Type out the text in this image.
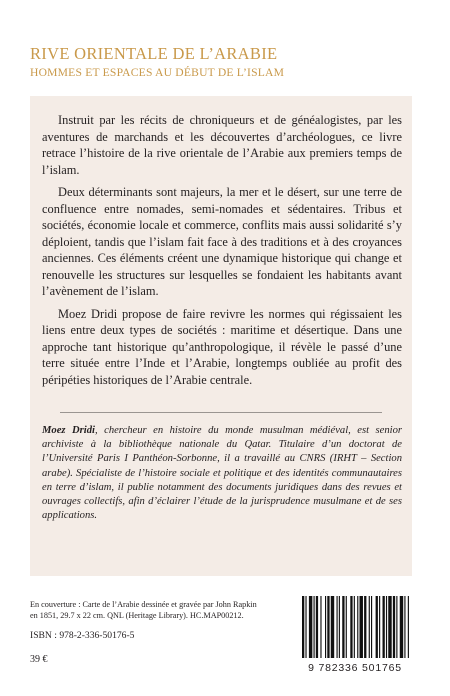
RIVE ORIENTALE DE L’ARABIE
HOMMES ET ESPACES AU DÉBUT DE L’ISLAM

Instruit par les récits de chroniqueurs et de généalogistes, par les aventures de marchands et les découvertes d’archéologues, ce livre retrace l’histoire de la rive orientale de l’Arabie aux premiers temps de l’islam.

Deux déterminants sont majeurs, la mer et le désert, sur une terre de confluence entre nomades, semi-nomades et sédentaires. Tribus et sociétés, économie locale et commerce, conflits mais aussi solidarité s’y déploient, tandis que l’islam fait face à des traditions et à des croyances anciennes. Ces éléments créent une dynamique historique qui change et renouvelle les structures sur lesquelles se fondaient les habitants avant l’avènement de l’islam.

Moez Dridi propose de faire revivre les normes qui régissaient les liens entre deux types de sociétés : maritime et désertique. Dans une approche tant historique qu’anthropologique, il révèle le passé d’une terre située entre l’Inde et l’Arabie, longtemps oubliée au profit des péripéties historiques de l’Arabie centrale.

Moez Dridi, chercheur en histoire du monde musulman médiéval, est senior archiviste à la bibliothèque nationale du Qatar. Titulaire d’un doctorat de l’Université Paris I Panthéon-Sorbonne, il a travaillé au CNRS (IRHT – Section arabe). Spécialiste de l’histoire sociale et politique et des identités communautaires en terre d’islam, il publie notamment des documents juridiques dans des revues et ouvrages collectifs, afin d’éclairer l’étude de la jurisprudence musulmane et de ses applications.

En couverture : Carte de l’Arabie dessinée et gravée par John Rapkin en 1851, 29.7 x 22 cm. QNL (Heritage Library). HC.MAP00212.

ISBN : 978-2-336-50176-5
39 €
9 782336 501765
